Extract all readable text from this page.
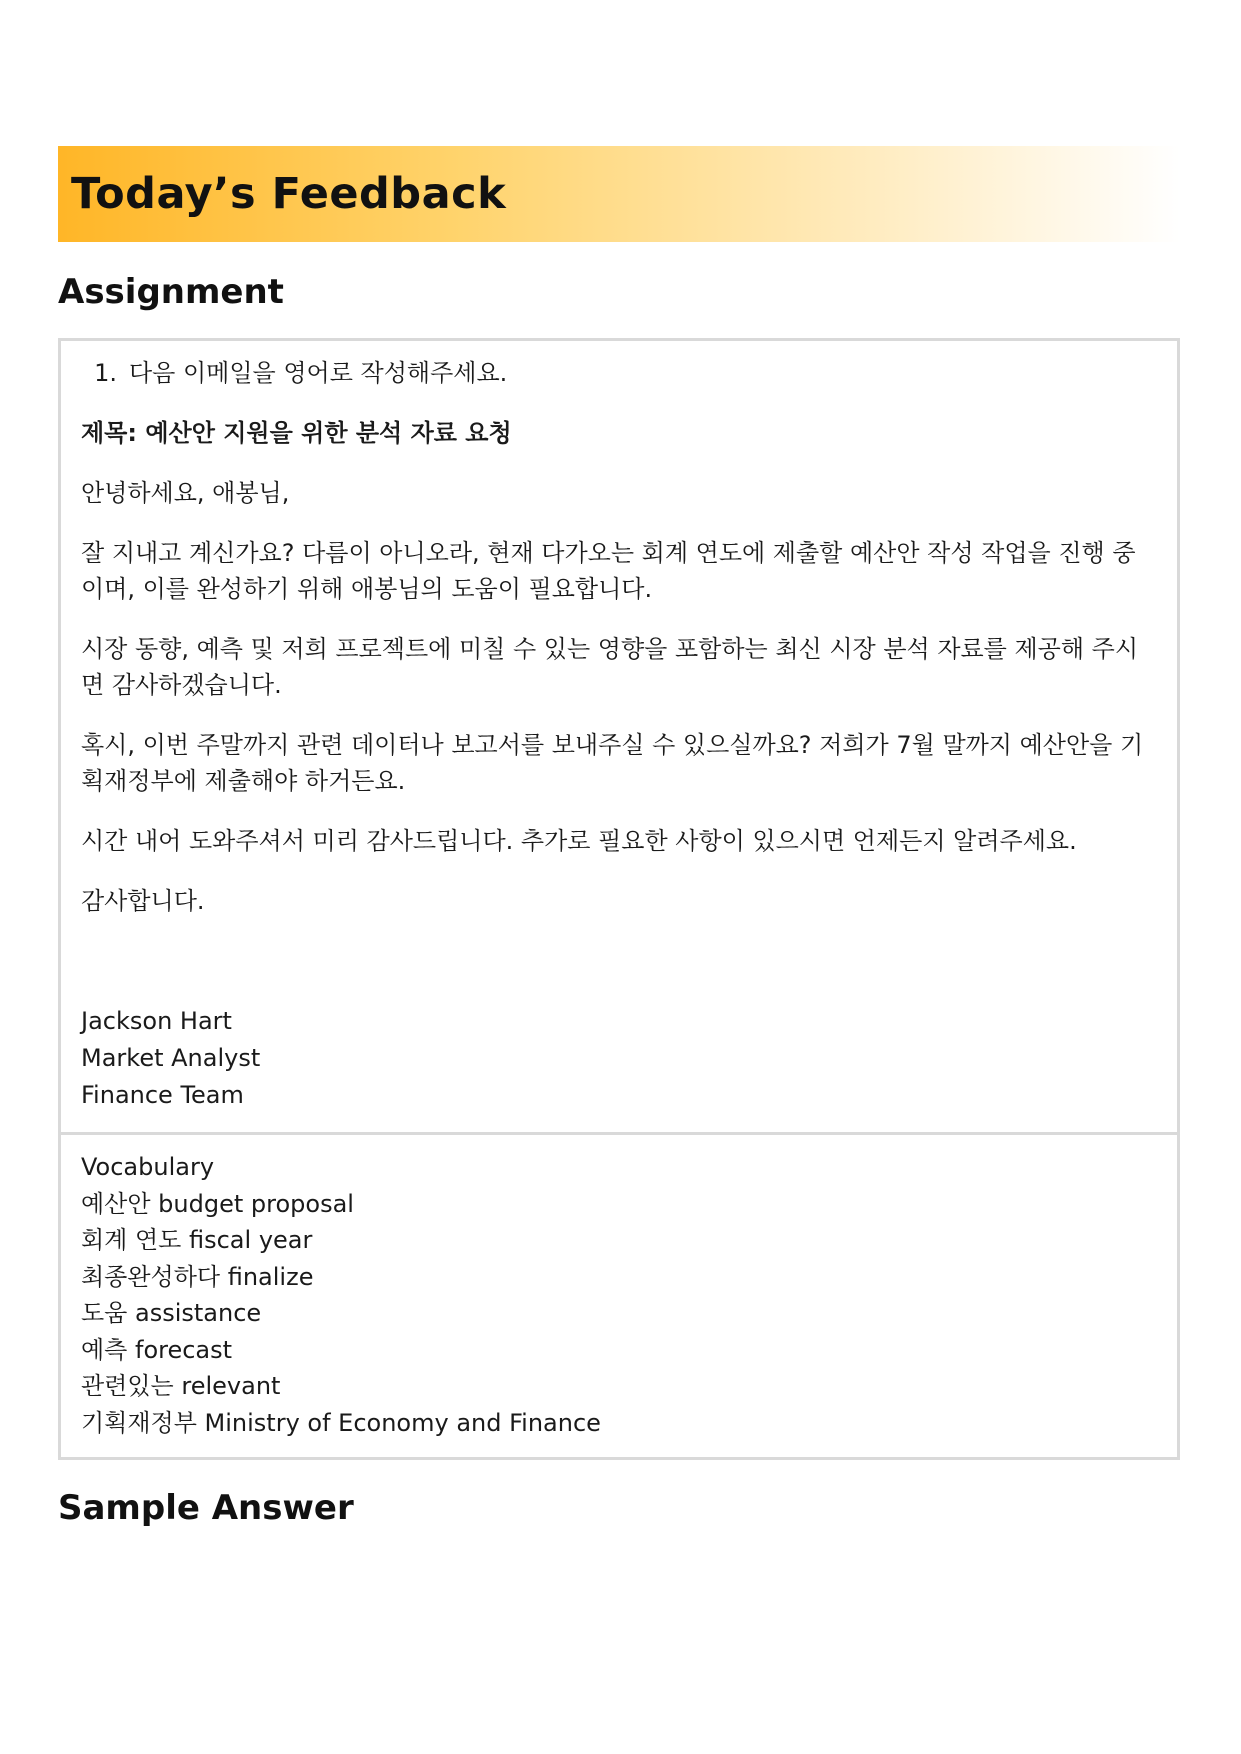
Today’s Feedback
Assignment
1. 다음 이메일을 영어로 작성해주세요.

제목: 예산안 지원을 위한 분석 자료 요청

안녕하세요, 애봉님,

잘 지내고 계신가요? 다름이 아니오라, 현재 다가오는 회계 연도에 제출할 예산안 작성 작업을 진행 중이며, 이를 완성하기 위해 애봉님의 도움이 필요합니다.

시장 동향, 예측 및 저희 프로젝트에 미칠 수 있는 영향을 포함하는 최신 시장 분석 자료를 제공해 주시면 감사하겠습니다.

혹시, 이번 주말까지 관련 데이터나 보고서를 보내주실 수 있으실까요? 저희가 7월 말까지 예산안을 기획재정부에 제출해야 하거든요.

시간 내어 도와주셔서 미리 감사드립니다. 추가로 필요한 사항이 있으시면 언제든지 알려주세요.

감사합니다.

Jackson Hart
Market Analyst
Finance Team
Vocabulary
예산안 budget proposal
회계 연도 fiscal year
최종완성하다 finalize
도움 assistance
예측 forecast
관련있는 relevant
기획재정부 Ministry of Economy and Finance
Sample Answer
